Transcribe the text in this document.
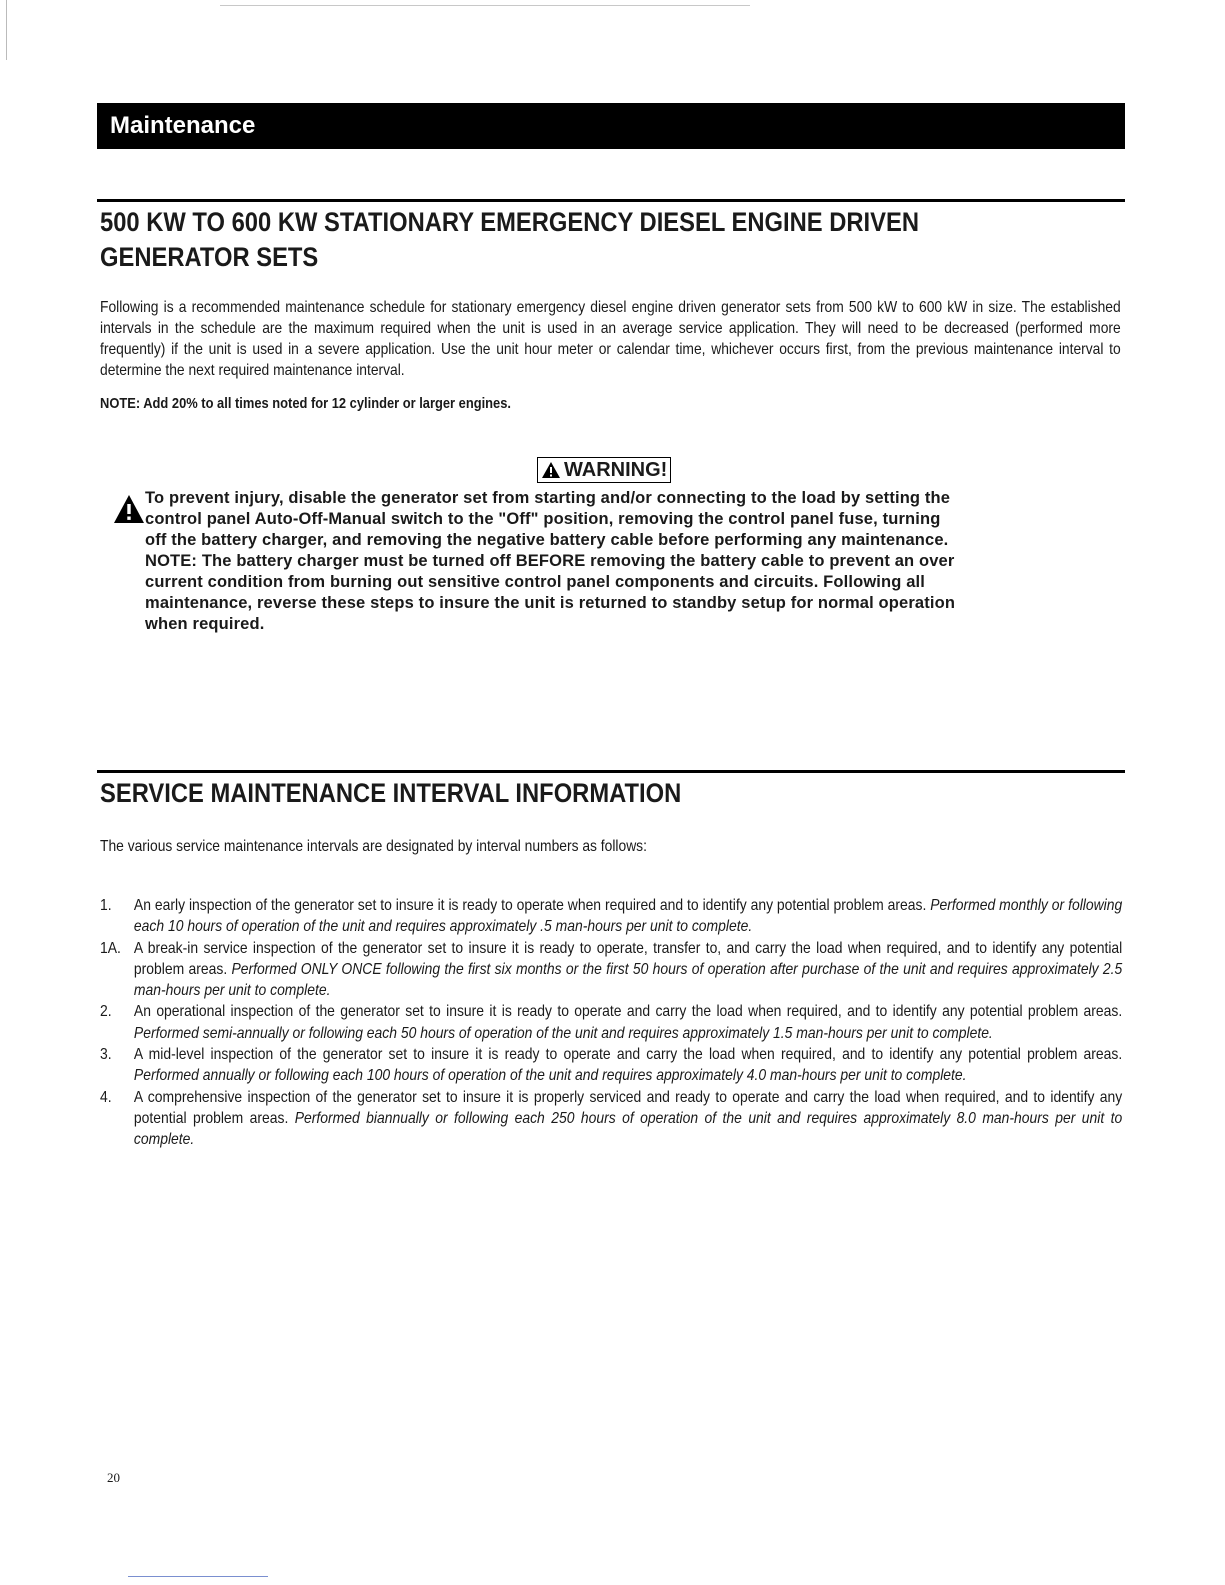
Maintenance
500 KW TO 600 KW STATIONARY EMERGENCY DIESEL ENGINE DRIVEN
GENERATOR SETS
Following is a recommended maintenance schedule for stationary emergency diesel engine driven generator sets from 500 kW to 600 kW in size. The established intervals in the schedule are the maximum required when the unit is used in an average service application. They will need to be decreased (performed more frequently) if the unit is used in a severe application. Use the unit hour meter or calendar time, whichever occurs first, from the previous maintenance interval to determine the next required maintenance interval.
NOTE: Add 20% to all times noted for 12 cylinder or larger engines.
WARNING!
To prevent injury, disable the generator set from starting and/or connecting to the load by setting the
control panel Auto-Off-Manual switch to the "Off" position, removing the control panel fuse, turning
off the battery charger, and removing the negative battery cable before performing any maintenance.
NOTE: The battery charger must be turned off BEFORE removing the battery cable to prevent an over
current condition from burning out sensitive control panel components and circuits. Following all
maintenance, reverse these steps to insure the unit is returned to standby setup for normal operation
when required.
SERVICE MAINTENANCE INTERVAL INFORMATION
The various service maintenance intervals are designated by interval numbers as follows:
1. An early inspection of the generator set to insure it is ready to operate when required and to identify any potential problem areas. Performed monthly or following each 10 hours of operation of the unit and requires approximately .5 man-hours per unit to complete.
1A. A break-in service inspection of the generator set to insure it is ready to operate, transfer to, and carry the load when required, and to identify any potential problem areas. Performed ONLY ONCE following the first six months or the first 50 hours of operation after purchase of the unit and requires approximately 2.5 man-hours per unit to complete.
2. An operational inspection of the generator set to insure it is ready to operate and carry the load when required, and to identify any potential problem areas. Performed semi-annually or following each 50 hours of operation of the unit and requires approximately 1.5 man-hours per unit to complete.
3. A mid-level inspection of the generator set to insure it is ready to operate and carry the load when required, and to identify any potential problem areas. Performed annually or following each 100 hours of operation of the unit and requires approximately 4.0 man-hours per unit to complete.
4. A comprehensive inspection of the generator set to insure it is properly serviced and ready to operate and carry the load when required, and to identify any potential problem areas. Performed biannually or following each 250 hours of operation of the unit and requires approximately 8.0 man-hours per unit to complete.
20
